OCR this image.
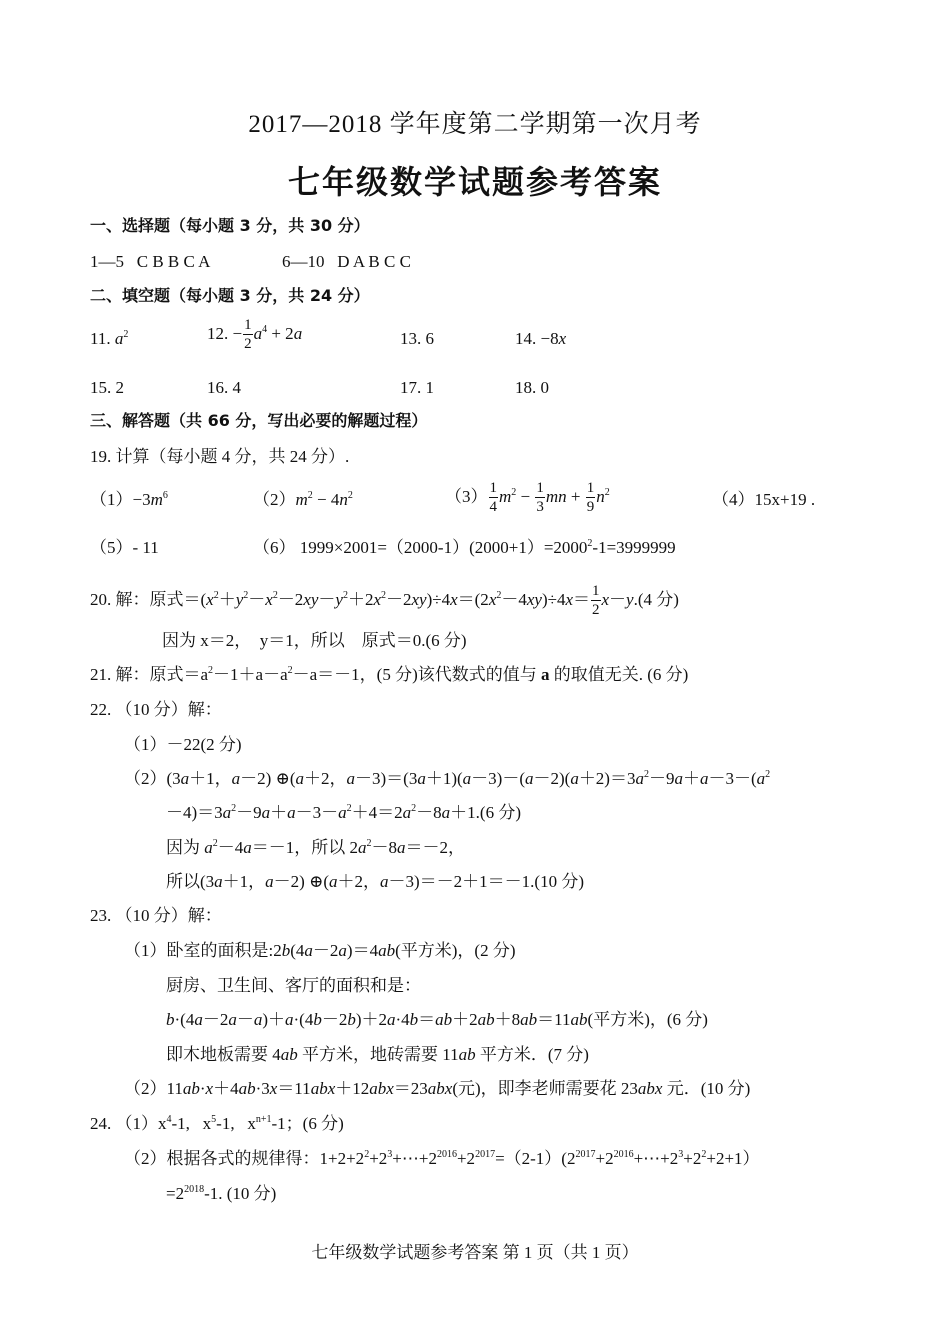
2017—2018 学年度第二学期第一次月考
七年级数学试题参考答案
一、选择题（每小题 3 分，共 30 分）
1—5   C B B C A	6—10   D A B C C
二、填空题（每小题 3 分，共 24 分）
11. $a^2$	12. − $\frac{1}{2} a^4 + 2a$	13. 6	14. −8x
15. 2	16. 4	17. 1	18. 0
三、解答题（共 66 分，写出必要的解题过程）
19. 计算（每小题 4 分，共 24 分）.
$(1)-3m^6$	$(2)m^2 - 4n^2$	$(3) \frac{1}{4} m^2 - \frac{1}{3}$ mn + $\frac{1}{9} n^2$	（4）15x+19 .
（5）- 11	（6） $1999\times 2001=(2000-1)(2000+1)=2000^2-1=3999999$
20. 解：原式$=(x^2+y^2-x^2-2xy-y^2+2x^2-2xy)\div 4x=(2x^2-4xy)\div 4x= \frac{1}{2} x-y.(4$ 分)
因为 x＝2，　y＝1，所以　原式＝0.(6 分)
21. 解：原式$=a^2-1+a-a^2-a=-1$，(5 分)该代数式的值与 a 的取值无关. (6 分)
22. （10 分）解：
（1）－22(2 分)
（2）(3a＋1，a－2) ⊕(a＋2，$a-3)=(3a+1)(a-3)-(a-2)(a+2)=3a^2-9a+a-3-(a^2$
$-4)=3a^2-9a+a-3-a^2+4=2a^2-8a+1.(6$ 分)
因为 $a^2-4a=-1$，所以 $2a^2-8a=-2$，
所以(3a＋1，a－2) ⊕(a＋2，a－3)＝－2＋1＝－1.(10 分)
23. （10 分）解：
（1）卧室的面积是:2b(4a－2a)＝4ab(平方米)，(2 分)
厨房、卫生间、客厅的面积和是：
b·(4a－2a－a)＋a·(4b－2b)＋2a·4b＝ab＋2ab＋8ab＝11ab(平方米)，(6 分)
即木地板需要 4ab 平方米，地砖需要 11ab 平方米．(7 分)
（2）11ab·x＋4ab·3x＝11abx＋12abx＝23abx(元)，即李老师需要花 23abx 元．(10 分)
24. $(1)x^4-1$,   $x^5-1$,   $x^{n+1}-1$；(6 分)
（2）根据各式的规律得：$1+2+2^2+2^3+\cdots+2^{2016}+2^{2017}=(2-1)(2^{2017}+2^{2016}+\cdots+2^3+2^2+2+1)$
$=2^{2018}-1$. (10 分)
七年级数学试题参考答案 第 1 页（共 1 页）
